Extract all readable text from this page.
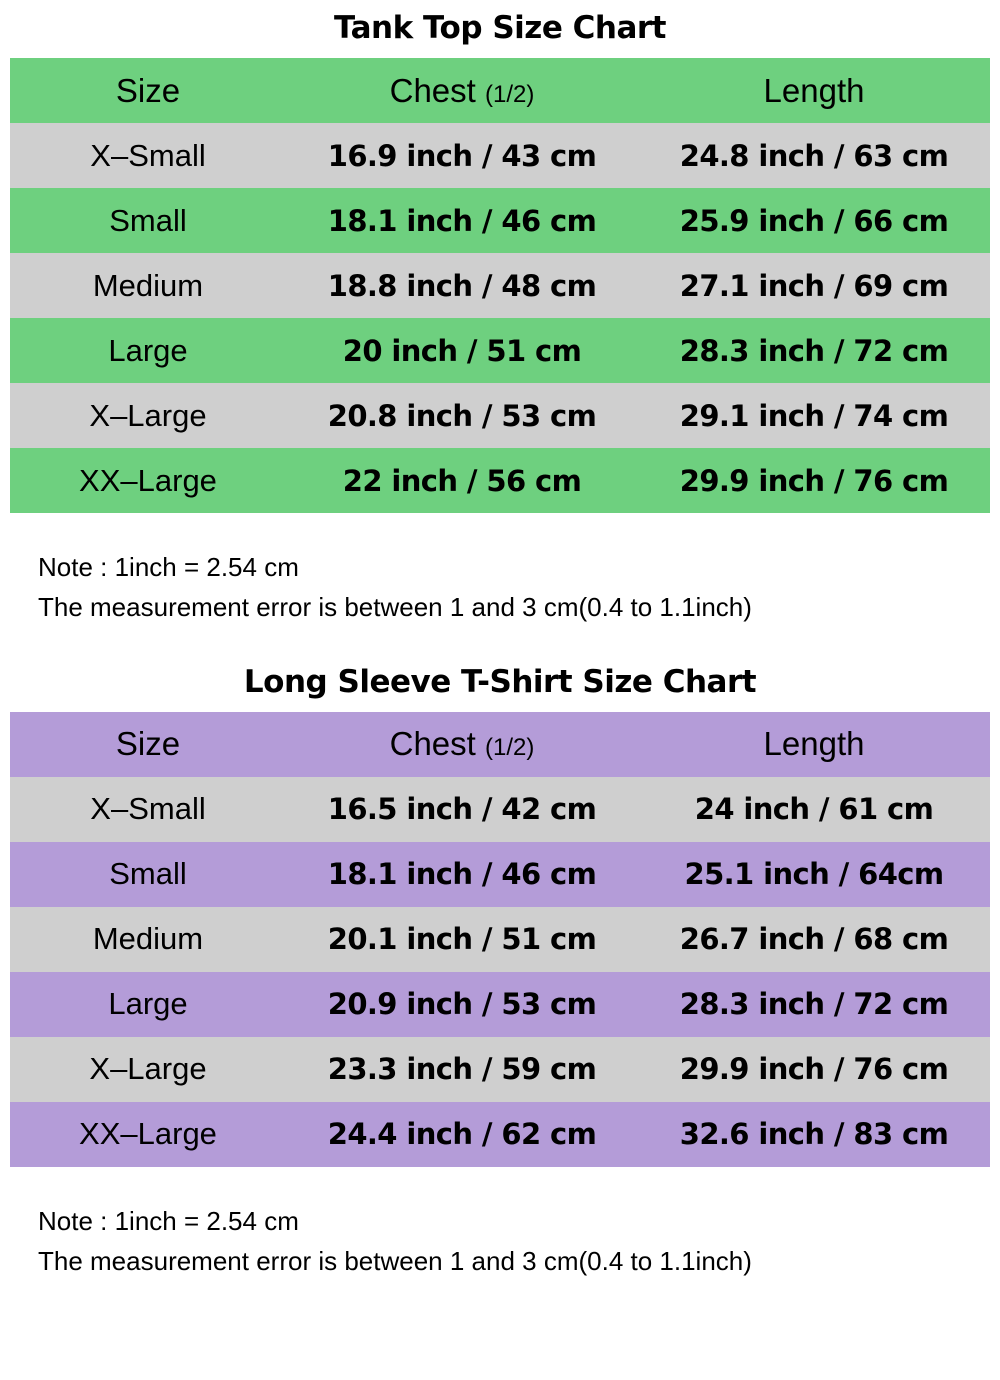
Tank Top Size Chart
Size	Chest (1/2)	Length
X–Small	16.9 inch / 43 cm	24.8 inch / 63 cm
Small	18.1 inch / 46 cm	25.9 inch / 66 cm
Medium	18.8 inch / 48 cm	27.1 inch / 69 cm
Large	20 inch / 51 cm	28.3 inch / 72 cm
X–Large	20.8 inch / 53 cm	29.1 inch / 74 cm
XX–Large	22 inch / 56 cm	29.9 inch / 76 cm
Note : 1inch = 2.54 cm
The measurement error is between 1 and 3 cm(0.4 to 1.1inch)
Long Sleeve T-Shirt Size Chart
Size	Chest (1/2)	Length
X–Small	16.5 inch / 42 cm	24 inch / 61 cm
Small	18.1 inch / 46 cm	25.1 inch / 64cm
Medium	20.1 inch / 51 cm	26.7 inch / 68 cm
Large	20.9 inch / 53 cm	28.3 inch / 72 cm
X–Large	23.3 inch / 59 cm	29.9 inch / 76 cm
XX–Large	24.4 inch / 62 cm	32.6 inch / 83 cm
Note : 1inch = 2.54 cm
The measurement error is between 1 and 3 cm(0.4 to 1.1inch)
